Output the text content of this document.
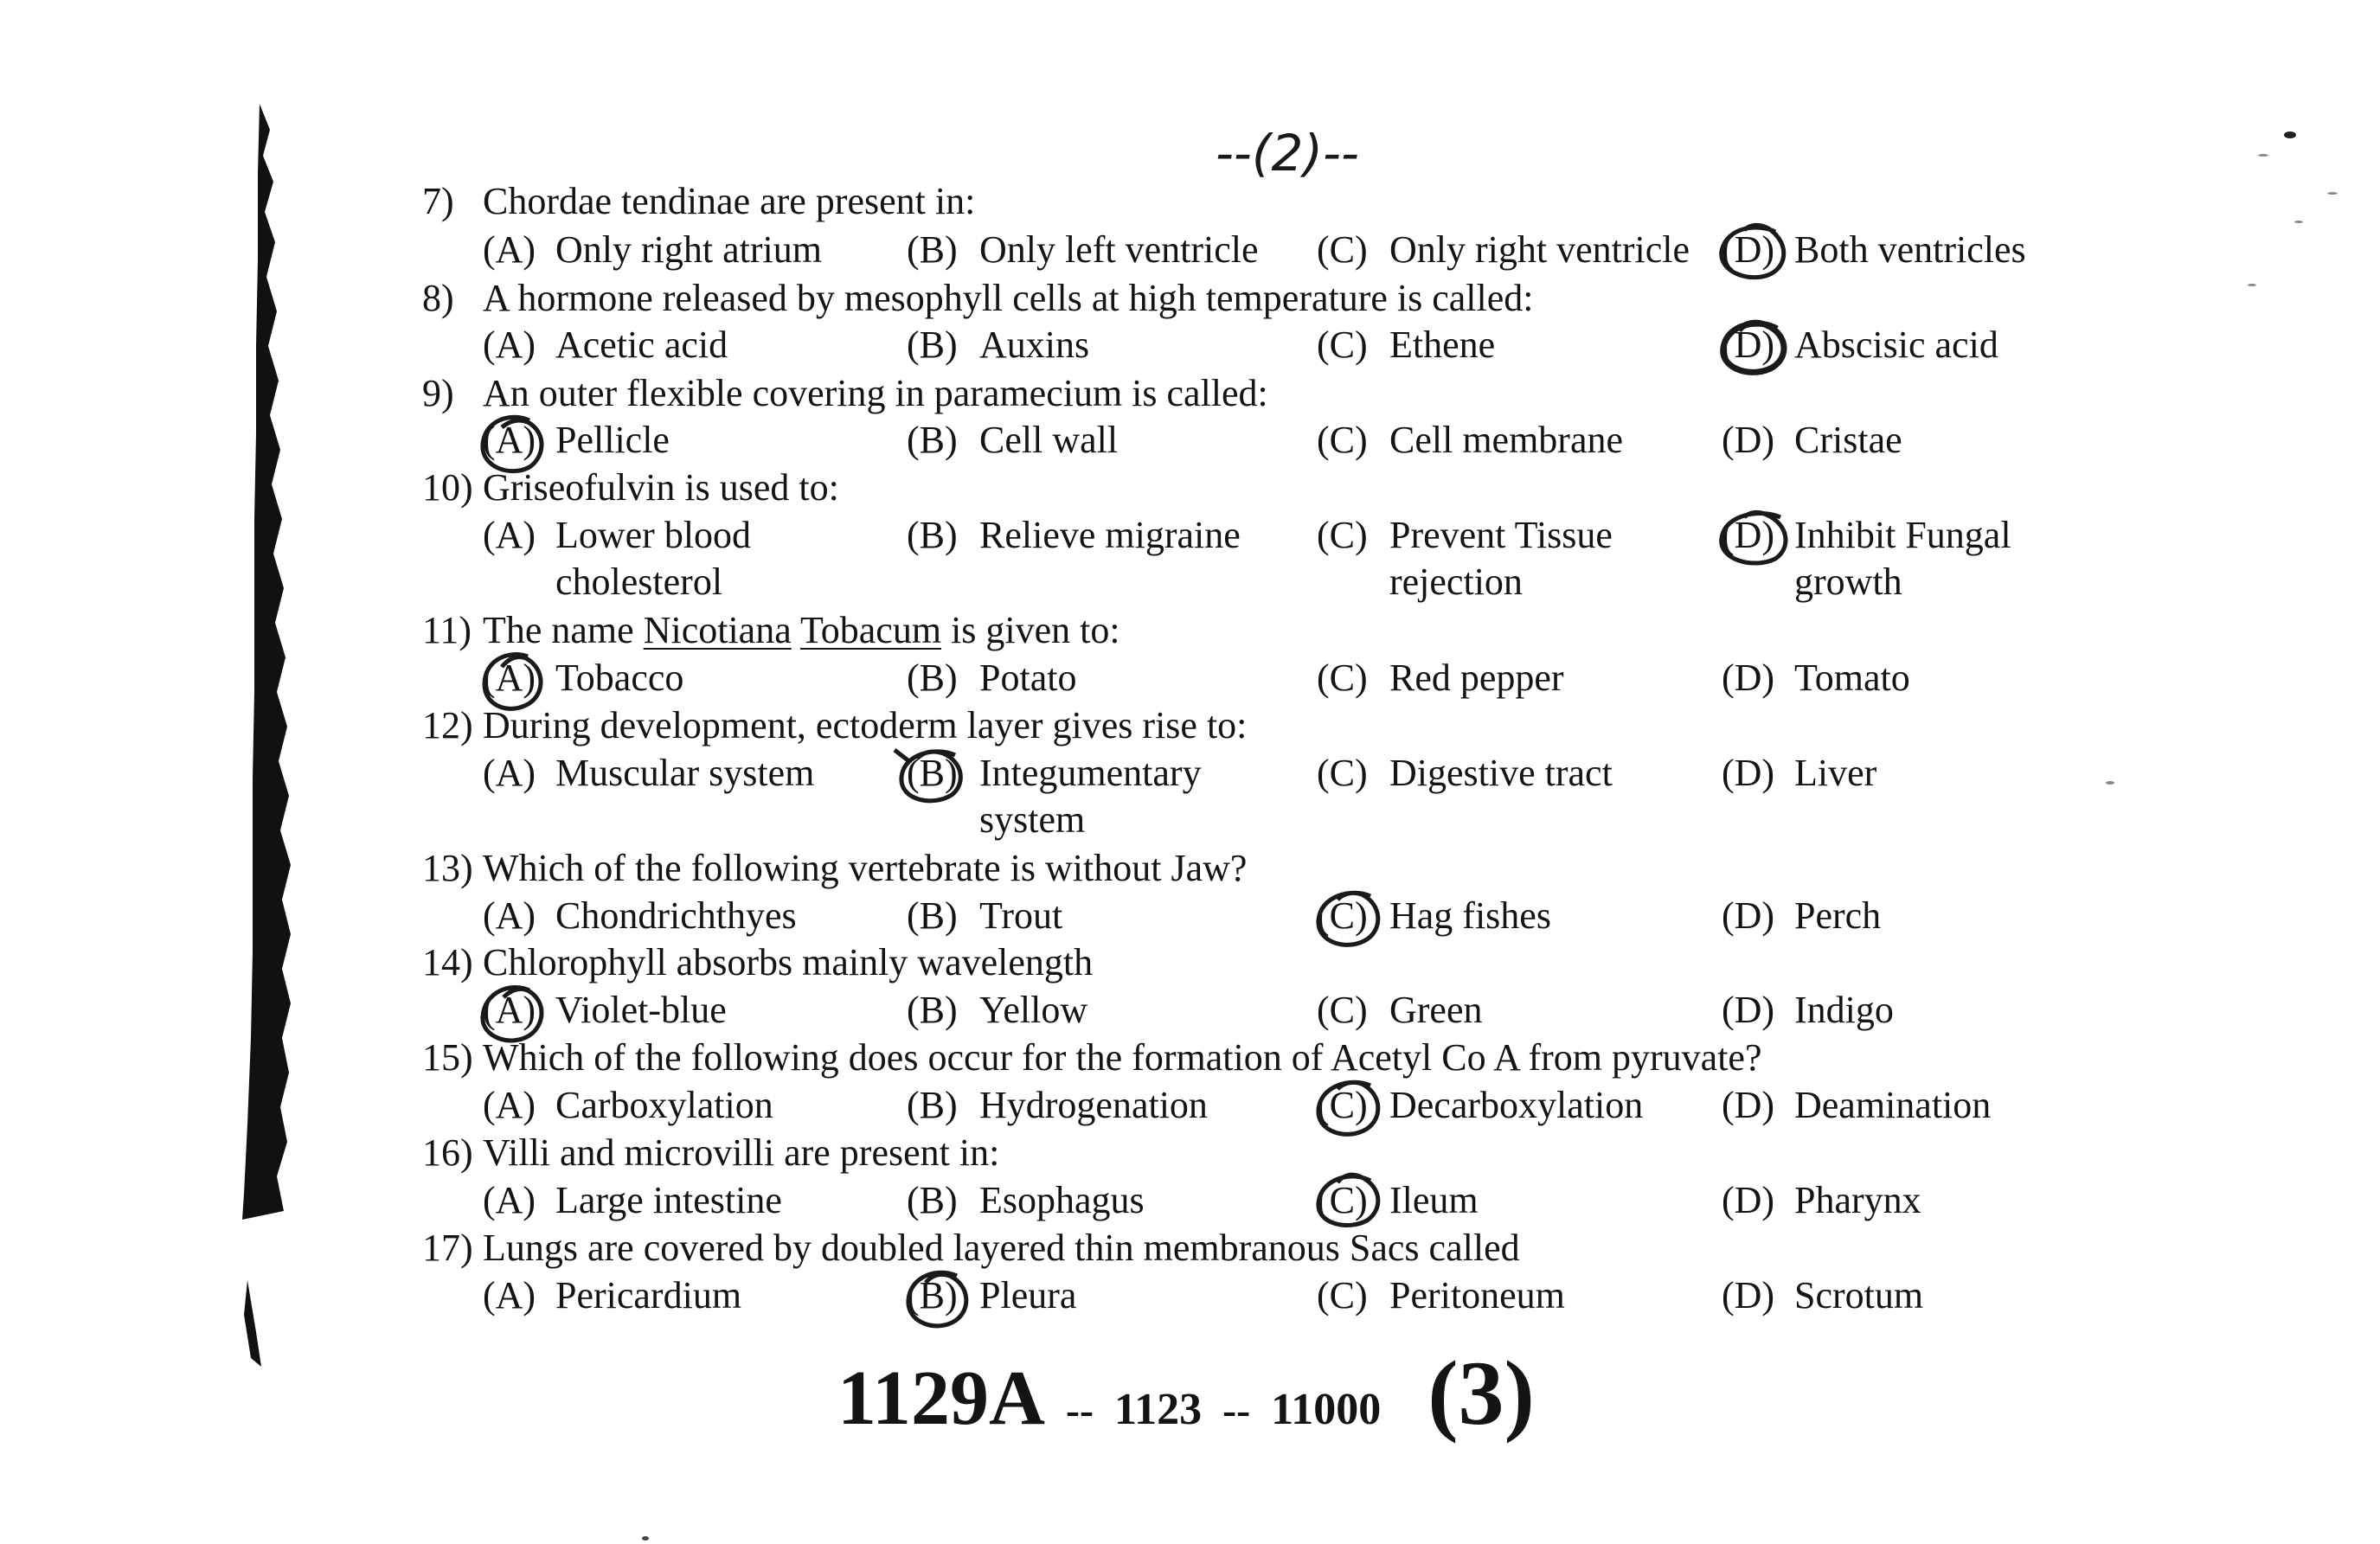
--(2)--
7) Chordae tendinae are present in:
(A) Only right atrium (B) Only left ventricle (C) Only right ventricle (D) Both ventricles
8) A hormone released by mesophyll cells at high temperature is called:
(A) Acetic acid	(B) Auxins	(C) Ethene	(D) Abscisic acid
9) An outer flexible covering in paramecium is called:
(A) Pellicle	(B) Cell wall	(C) Cell membrane	(D) Cristae
10) Griseofulvin is used to:
(A) Lower blood
cholesterol
(B) Relieve migraine (C) Prevent Tissue
rejection
(D) Inhibit Fungal
growth
11) The name Nicotiana Tobacum is given to:
(A) Tobacco	(B) Potato	(C) Red pepper	(D) Tomato
12) During development, ectoderm layer gives rise to:
(A) Muscular system (B) Integumentary
system
(C) Digestive tract	(D) Liver
13) Which of the following vertebrate is without Jaw?
(A) Chondrichthyes	(B) Trout	(C) Hag fishes	(D) Perch
14) Chlorophyll absorbs mainly wavelength
(A) Violet-blue	(B) Yellow	(C) Green	(D) Indigo
15) Which of the following does occur for the formation of Acetyl Co A from pyruvate?
(A) Carboxylation	(B) Hydrogenation	(C) Decarboxylation (D) Deamination
16) Villi and microvilli are present in:
(A) Large intestine	(B) Esophagus	(C) Ileum	(D) Pharynx
17) Lungs are covered by doubled layered thin membranous Sacs called
(A) Pericardium	(B) Pleura	(C) Peritoneum	(D) Scrotum
1129A -- 1123 -- 11000 (3)
